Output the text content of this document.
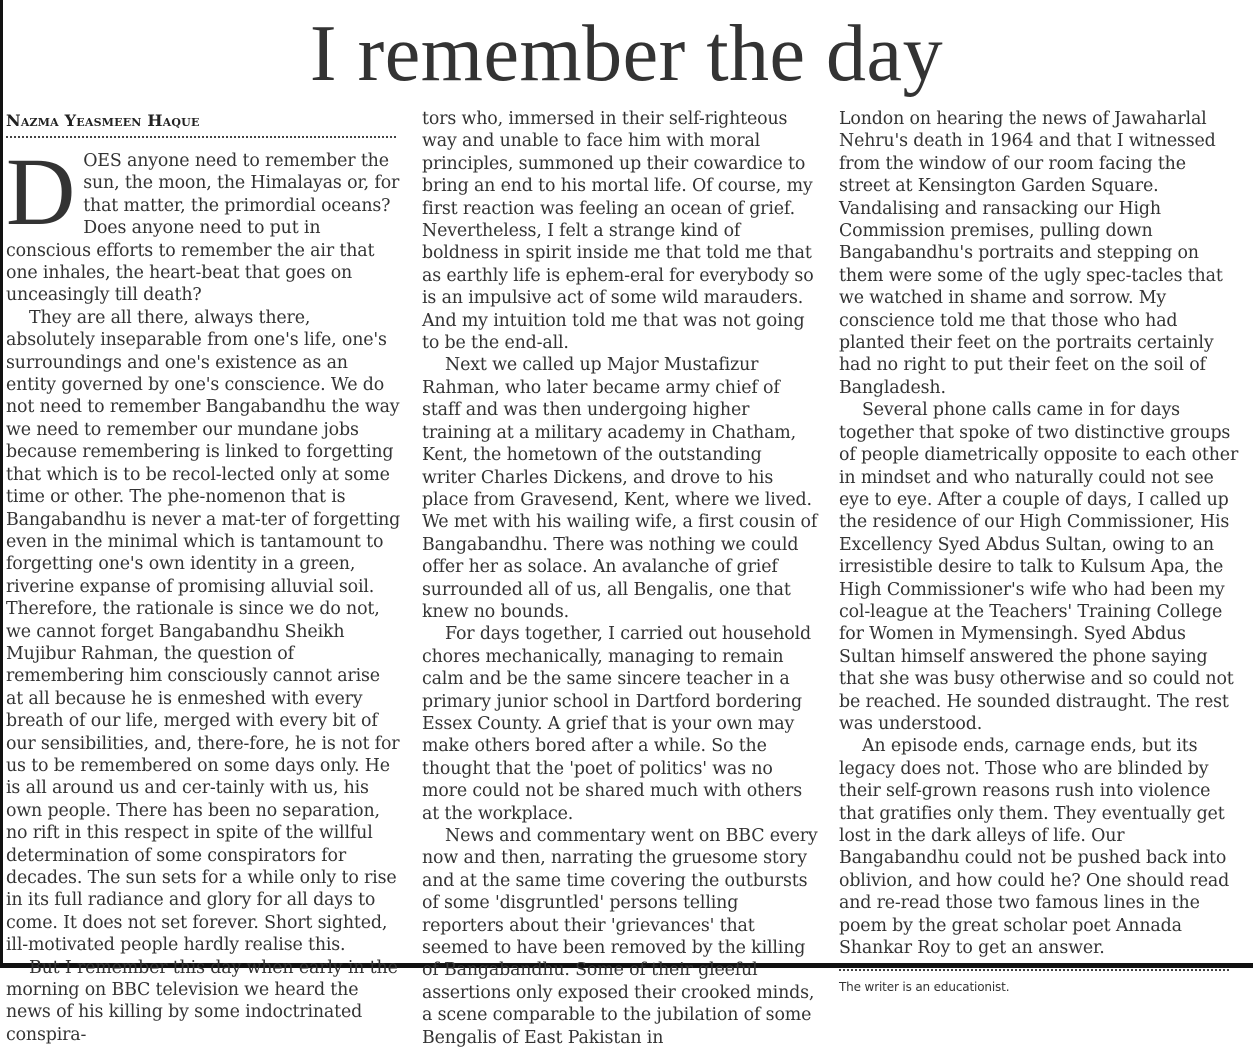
I remember the day
Nazma Yeasmeen Haque

DOES anyone need to remember the sun, the moon, the Himalayas or, for that matter, the primordial oceans? Does anyone need to put in conscious efforts to remember the air that one inhales, the heart-beat that goes on unceasingly till death?

They are all there, always there, absolutely inseparable from one's life, one's surroundings and one's existence as an entity governed by one's conscience. We do not need to remember Bangabandhu the way we need to remember our mundane jobs because remembering is linked to forgetting that which is to be recol-lected only at some time or other. The phe-nomenon that is Bangabandhu is never a mat-ter of forgetting even in the minimal which is tantamount to forgetting one's own identity in a green, riverine expanse of promising alluvial soil. Therefore, the rationale is since we do not, we cannot forget Bangabandhu Sheikh Mujibur Rahman, the question of remembering him consciously cannot arise at all because he is enmeshed with every breath of our life, merged with every bit of our sensibilities, and, there-fore, he is not for us to be remembered on some days only. He is all around us and cer-tainly with us, his own people. There has been no separation, no rift in this respect in spite of the willful determination of some conspirators for decades. The sun sets for a while only to rise in its full radiance and glory for all days to come. It does not set forever. Short sighted, ill-motivated people hardly realise this.

But I remember this day when early in the morning on BBC television we heard the news of his killing by some indoctrinated conspira-

tors who, immersed in their self-righteous way and unable to face him with moral principles, summoned up their cowardice to bring an end to his mortal life. Of course, my first reaction was feeling an ocean of grief. Nevertheless, I felt a strange kind of boldness in spirit inside me that told me that as earthly life is ephem-eral for everybody so is an impulsive act of some wild marauders. And my intuition told me that was not going to be the end-all.

Next we called up Major Mustafizur Rahman, who later became army chief of staff and was then undergoing higher training at a military academy in Chatham, Kent, the hometown of the outstanding writer Charles Dickens, and drove to his place from Gravesend, Kent, where we lived. We met with his wailing wife, a first cousin of Bangabandhu. There was nothing we could offer her as solace. An avalanche of grief surrounded all of us, all Bengalis, one that knew no bounds.

For days together, I carried out household chores mechanically, managing to remain calm and be the same sincere teacher in a primary junior school in Dartford bordering Essex County. A grief that is your own may make others bored after a while. So the thought that the 'poet of politics' was no more could not be shared much with others at the workplace.

News and commentary went on BBC every now and then, narrating the gruesome story and at the same time covering the outbursts of some 'disgruntled' persons telling reporters about their 'grievances' that seemed to have been removed by the killing of Bangabandhu. Some of their gleeful assertions only exposed their crooked minds, a scene comparable to the jubilation of some Bengalis of East Pakistan in

London on hearing the news of Jawaharlal Nehru's death in 1964 and that I witnessed from the window of our room facing the street at Kensington Garden Square. Vandalising and ransacking our High Commission premises, pulling down Bangabandhu's portraits and stepping on them were some of the ugly spec-tacles that we watched in shame and sorrow. My conscience told me that those who had planted their feet on the portraits certainly had no right to put their feet on the soil of Bangladesh.

Several phone calls came in for days together that spoke of two distinctive groups of people diametrically opposite to each other in mindset and who naturally could not see eye to eye. After a couple of days, I called up the residence of our High Commissioner, His Excellency Syed Abdus Sultan, owing to an irresistible desire to talk to Kulsum Apa, the High Commissioner's wife who had been my col-league at the Teachers' Training College for Women in Mymensingh. Syed Abdus Sultan himself answered the phone saying that she was busy otherwise and so could not be reached. He sounded distraught. The rest was understood.

An episode ends, carnage ends, but its legacy does not. Those who are blinded by their self-grown reasons rush into violence that gratifies only them. They eventually get lost in the dark alleys of life. Our Bangabandhu could not be pushed back into oblivion, and how could he? One should read and re-read those two famous lines in the poem by the great scholar poet Annada Shankar Roy to get an answer.

The writer is an educationist.
